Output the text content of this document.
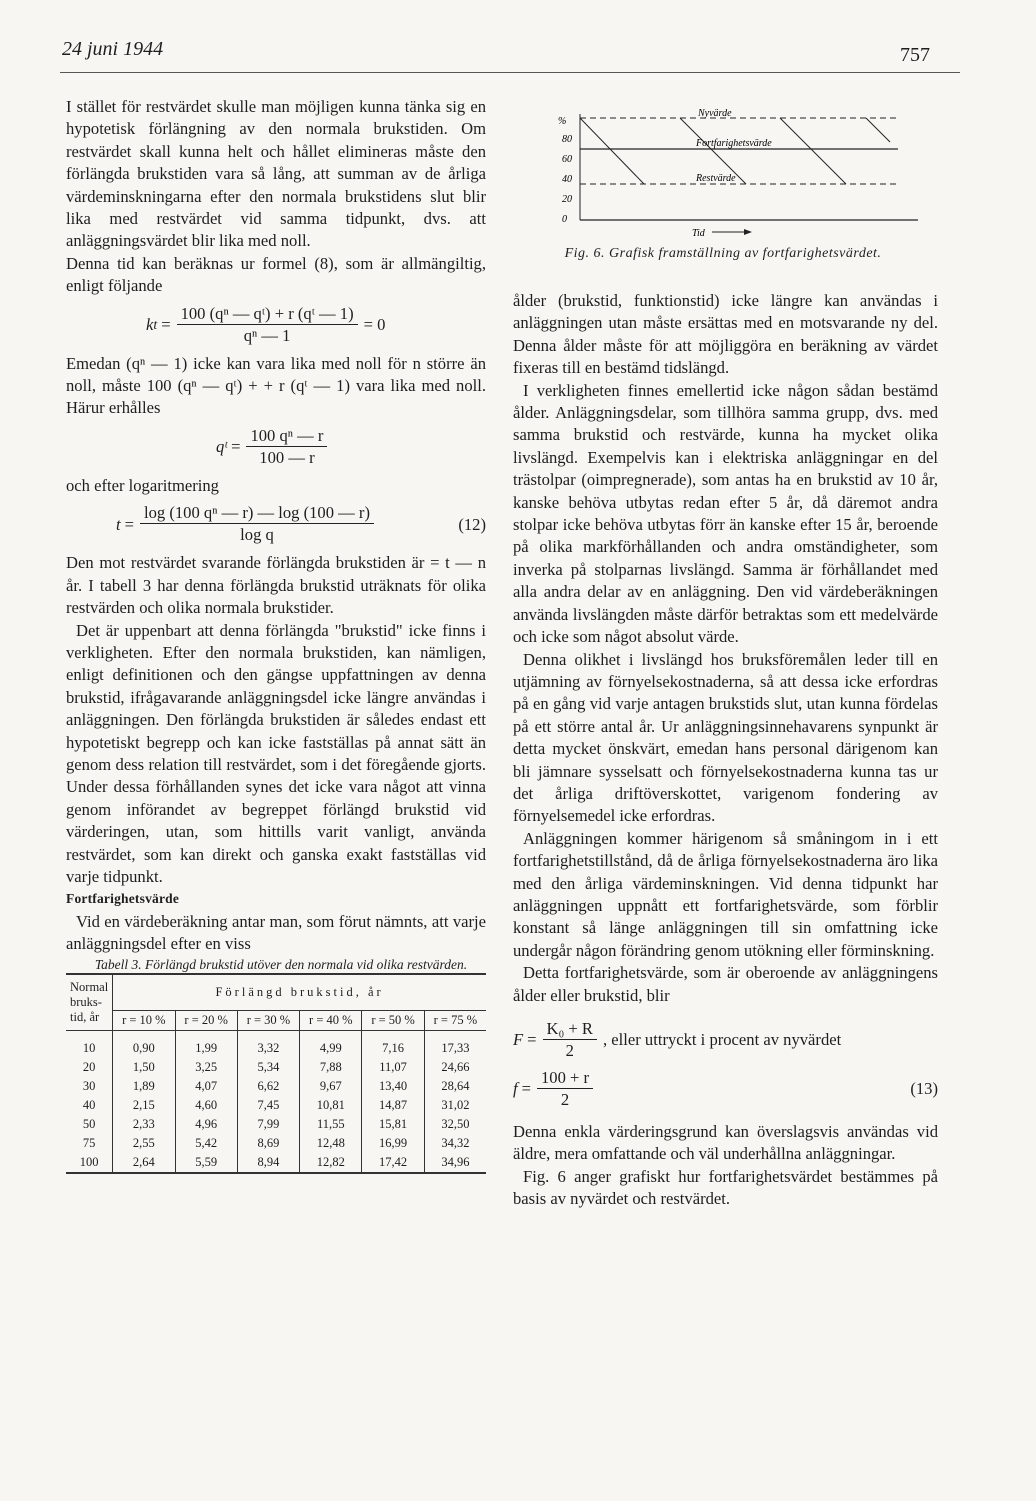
24 juni 1944	757

I stället för restvärdet skulle man möjligen kunna tänka sig en hypotetisk förlängning av den normala brukstiden. Om restvärdet skall kunna helt och hållet elimineras måste den förlängda brukstiden vara så lång, att summan av de årliga värdeminskningarna efter den normala brukstidens slut blir lika med restvärdet vid samma tidpunkt, dvs. att anläggningsvärdet blir lika med noll.

Denna tid kan beräknas ur formel (8), som är allmängiltig, enligt följande

k $t = \frac{\text{100 (qⁿ — qᵗ) + r (qᵗ — 1)}}{\text{qⁿ — 1}} = 0$

Emedan (qⁿ — 1) icke kan vara lika med noll för n större än noll, måste 100 (qⁿ — qᵗ) + + r (qᵗ — 1) vara lika med noll. Härur erhålles

qᵗ = $\frac{\text{100 qⁿ — r}}{100 — r}$

och efter logaritmering

$t = \frac{\text{log (100 qⁿ — r) — log (100 — r)}}{\text{log q}}$	(12)

Den mot restvärdet svarande förlängda brukstiden är = t — n år. I tabell 3 har denna förlängda brukstid uträknats för olika restvärden och olika normala brukstider.

Det är uppenbart att denna förlängda "brukstid" icke finns i verkligheten. Efter den normala brukstiden, kan nämligen, enligt definitionen och den gängse uppfattningen av denna brukstid, ifrågavarande anläggningsdel icke längre användas i anläggningen. Den förlängda brukstiden är således endast ett hypotetiskt begrepp och kan icke fastställas på annat sätt än genom dess relation till restvärdet, som i det föregående gjorts. Under dessa förhållanden synes det icke vara något att vinna genom införandet av begreppet förlängd brukstid vid värderingen, utan, som hittills varit vanligt, använda restvärdet, som kan direkt och ganska exakt fastställas vid varje tidpunkt.

Fortfarighetsvärde

Vid en värdeberäkning antar man, som förut nämnts, att varje anläggningsdel efter en viss

Tabell 3. Förlängd brukstid utöver den normala vid olika restvärden.

Normal bruks-tid, år	Förlängd brukstid, år					
	r = 10 %	r = 20 %	r = 30 %	r = 40 %	r = 50 %	r = 75 %
10	0,90	1,99	3,32	4,99	7,16	17,33
20	1,50	3,25	5,34	7,88	11,07	24,66
30	1,89	4,07	6,62	9,67	13,40	28,64
40	2,15	4,60	7,45	10,81	14,87	31,02
50	2,33	4,96	7,99	11,55	15,81	32,50
75	2,55	5,42	8,69	12,48	16,99	34,32
100	2,64	5,59	8,94	12,82	17,42	34,96
%
80
60
40
20
0
Nyvärde
Fortfarighetsvärde
Restvärde
Tid
Fig. 6. Grafisk framställning av fortfarighetsvärdet.

ålder (brukstid, funktionstid) icke längre kan användas i anläggningen utan måste ersättas med en motsvarande ny del. Denna ålder måste för att möjliggöra en beräkning av värdet fixeras till en bestämd tidslängd.

I verkligheten finnes emellertid icke någon sådan bestämd ålder. Anläggningsdelar, som tillhöra samma grupp, dvs. med samma brukstid och restvärde, kunna ha mycket olika livslängd. Exempelvis kan i elektriska anläggningar en del trästolpar (oimpregnerade), som antas ha en brukstid av 10 år, kanske behöva utbytas redan efter 5 år, då däremot andra stolpar icke behöva utbytas förr än kanske efter 15 år, beroende på olika markförhållanden och andra omständigheter, som inverka på stolparnas livslängd. Samma är förhållandet med alla andra delar av en anläggning. Den vid värdeberäkningen använda livslängden måste därför betraktas som ett medelvärde och icke som något absolut värde.

Denna olikhet i livslängd hos bruksföremålen leder till en utjämning av förnyelsekostnaderna, så att dessa icke erfordras på en gång vid varje antagen brukstids slut, utan kunna fördelas på ett större antal år. Ur anläggningsinnehavarens synpunkt är detta mycket önskvärt, emedan hans personal därigenom kan bli jämnare sysselsatt och förnyelsekostnaderna kunna tas ur det årliga driftöverskottet, varigenom fondering av förnyelsemedel icke erfordras.

Anläggningen kommer härigenom så småningom in i ett fortfarighetstillstånd, då de årliga förnyelsekostnaderna äro lika med den årliga värdeminskningen. Vid denna tidpunkt har anläggningen uppnått ett fortfarighetsvärde, som förblir konstant så länge anläggningen till sin omfattning icke undergår någon förändring genom utökning eller förminskning.

Detta fortfarighetsvärde, som är oberoende av anläggningens ålder eller brukstid, blir

$F = \frac{\text{K₀ + R}}{2}$ , eller uttryckt i procent av nyvärdet
$f = \frac{100 + r}{2}$	(13)

Denna enkla värderingsgrund kan överslagsvis användas vid äldre, mera omfattande och väl underhållna anläggningar.

Fig. 6 anger grafiskt hur fortfarighetsvärdet bestämmes på basis av nyvärdet och restvärdet.
